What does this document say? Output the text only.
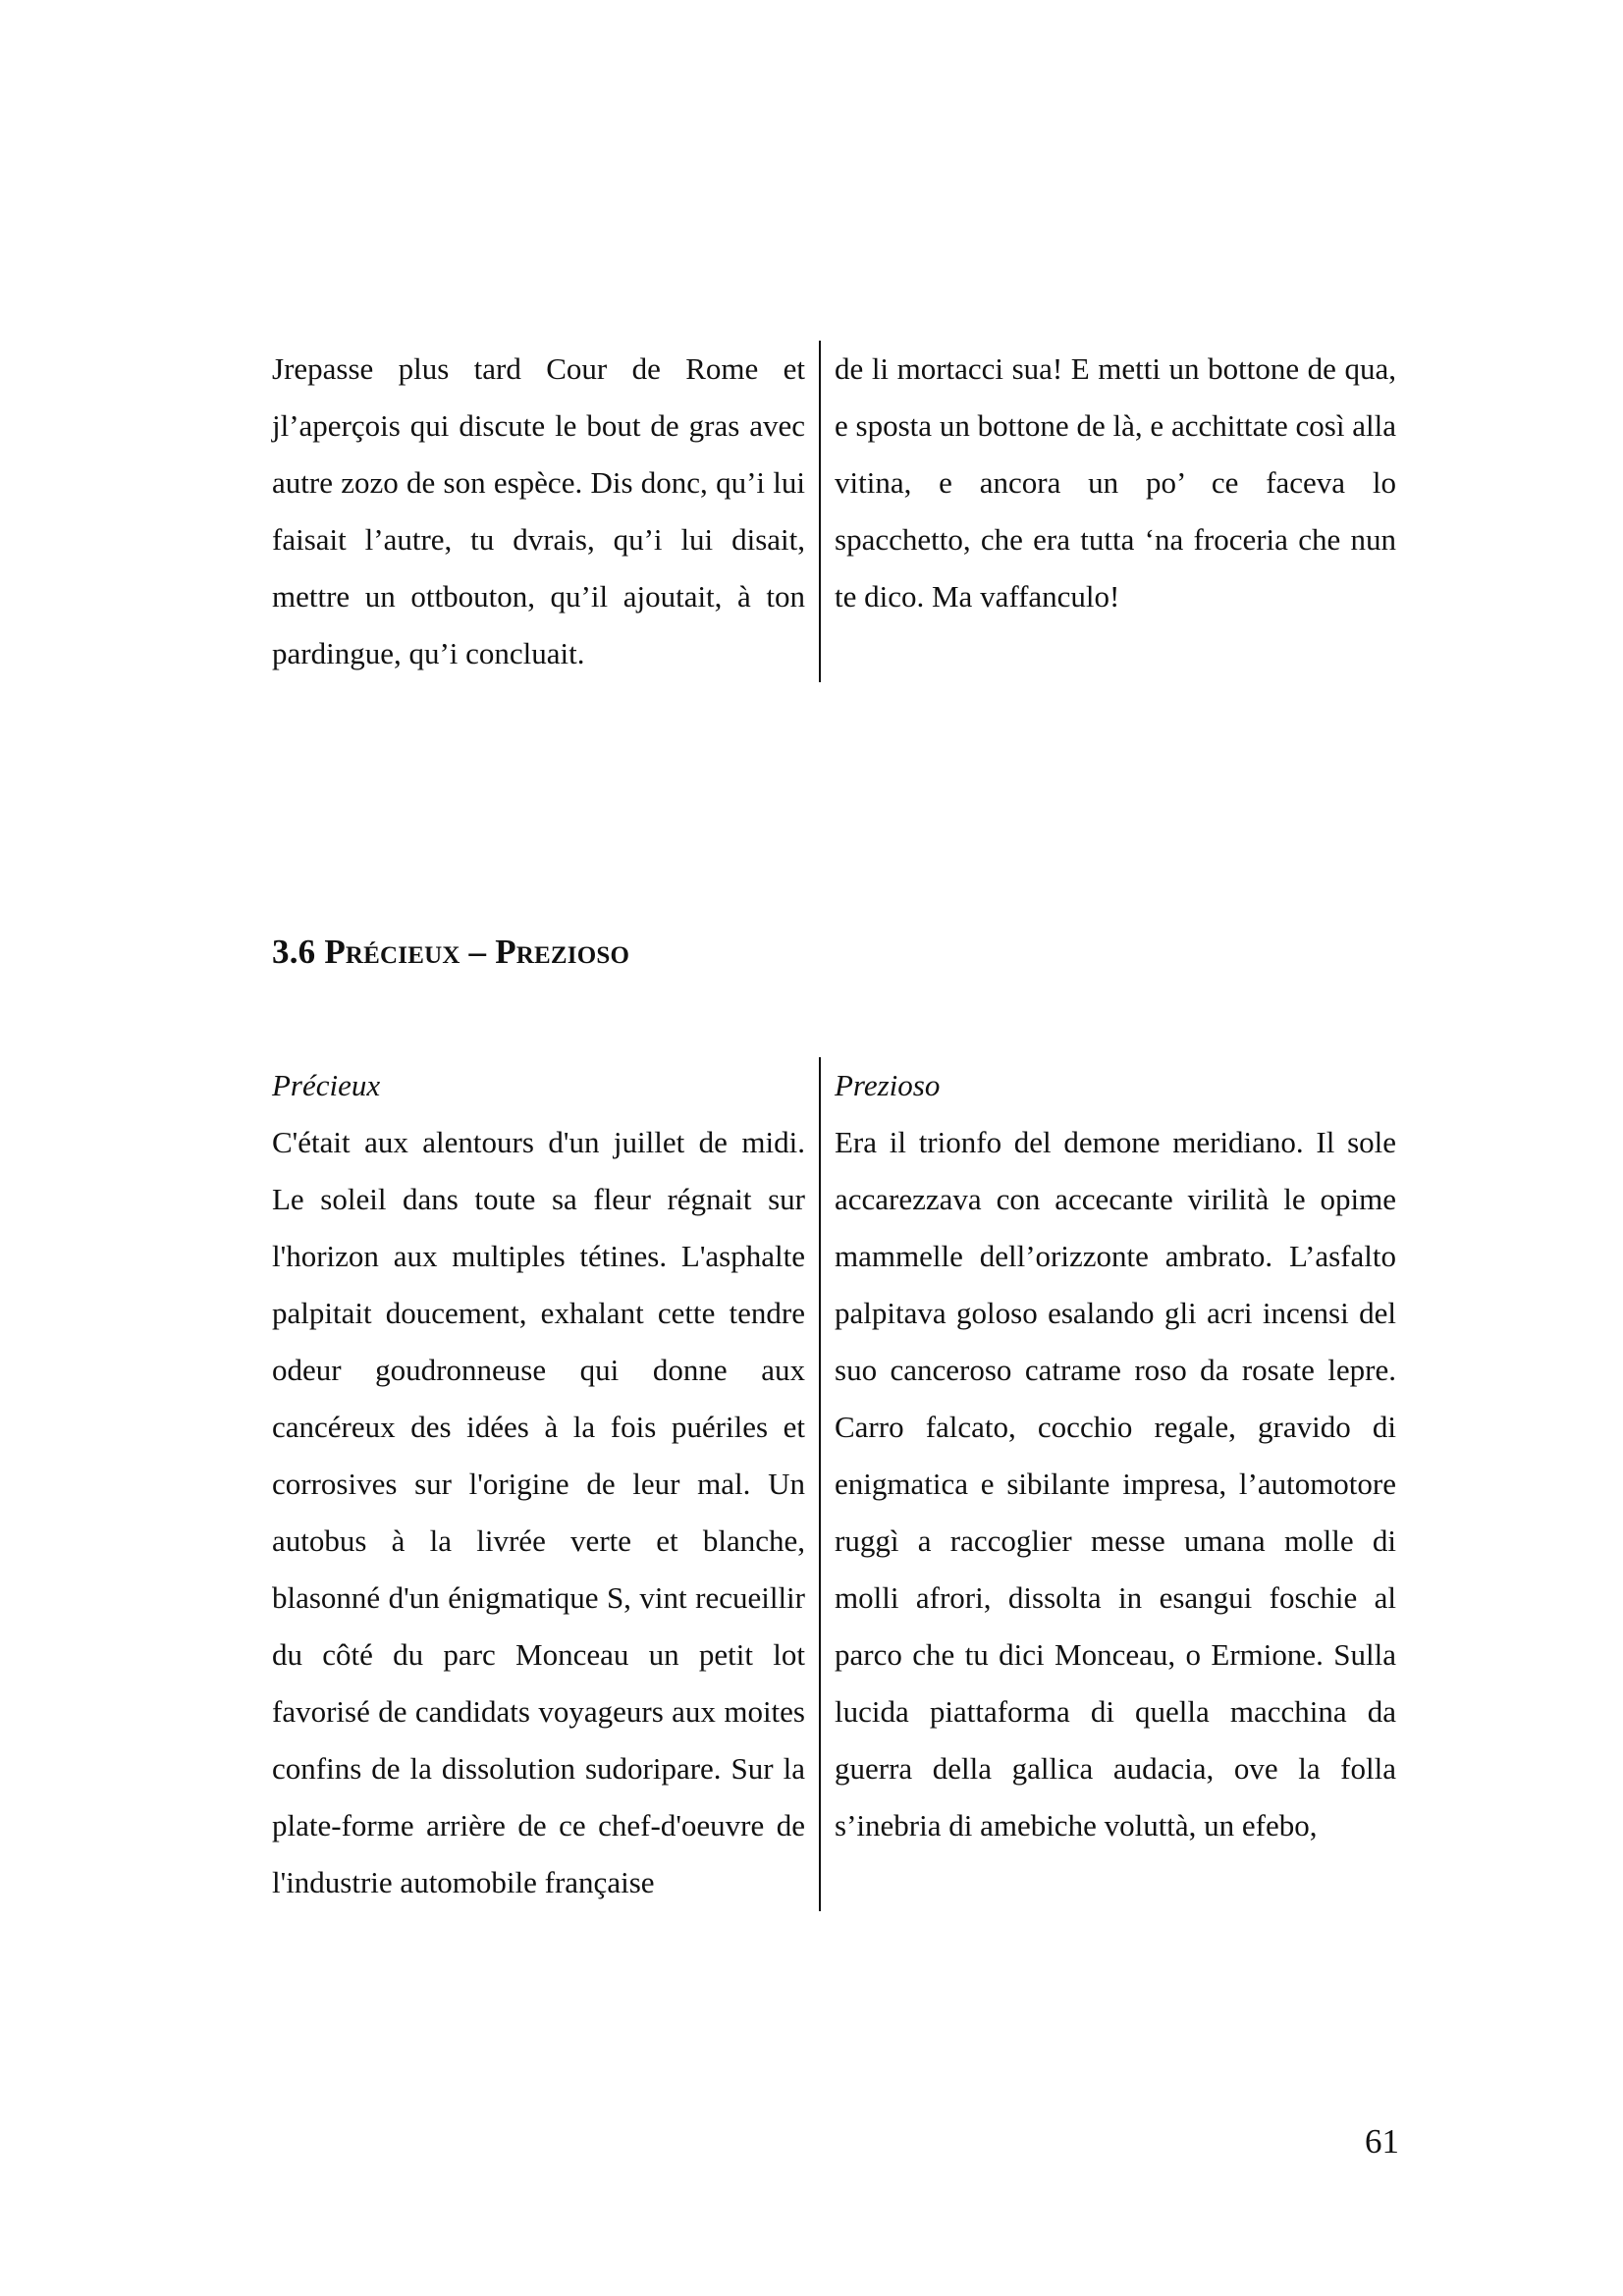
Jrepasse plus tard Cour de Rome et jl’aperçois qui discute le bout de gras avec autre zozo de son espèce. Dis donc, qu’i lui faisait l’autre, tu dvrais, qu’i lui disait, mettre un ottbouton, qu’il ajoutait, à ton pardingue, qu’i concluait.

de li mortacci sua! E metti un bottone de qua, e sposta un bottone de là, e acchittate così alla vitina, e ancora un po’ ce faceva lo spacchetto, che era tutta ‘na froceria che nun te dico. Ma vaffanculo!

3.6 Précieux – Prezioso

Précieux

C'était aux alentours d'un juillet de midi. Le soleil dans toute sa fleur régnait sur l'horizon aux multiples tétines. L'asphalte palpitait doucement, exhalant cette tendre odeur goudronneuse qui donne aux cancéreux des idées à la fois puériles et corrosives sur l'origine de leur mal. Un autobus à la livrée verte et blanche, blasonné d'un énigmatique S, vint recueillir du côté du parc Monceau un petit lot favorisé de candidats voyageurs aux moites confins de la dissolution sudoripare. Sur la plate-forme arrière de ce chef-d'oeuvre de l'industrie automobile française

Prezioso

Era il trionfo del demone meridiano. Il sole accarezzava con accecante virilità le opime mammelle dell’orizzonte ambrato. L’asfalto palpitava goloso esalando gli acri incensi del suo canceroso catrame roso da rosate lepre. Carro falcato, cocchio regale, gravido di enigmatica e sibilante impresa, l’automotore ruggì a raccoglier messe umana molle di molli afrori, dissolta in esangui foschie al parco che tu dici Monceau, o Ermione. Sulla lucida piattaforma di quella macchina da guerra della gallica audacia, ove la folla s’inebria di amebiche voluttà, un efebo,

61
